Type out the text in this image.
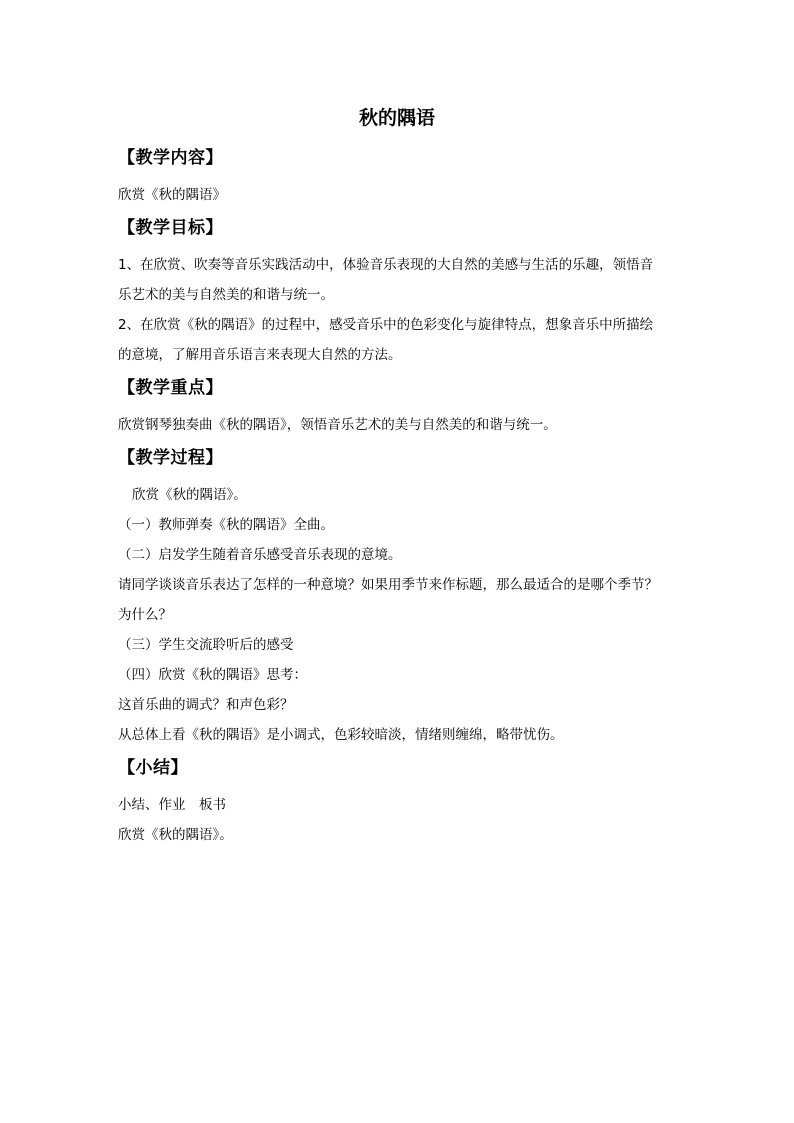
秋的隅语
【教学内容】
欣赏《秋的隅语》
【教学目标】
1、在欣赏、吹奏等音乐实践活动中，体验音乐表现的大自然的美感与生活的乐趣，领悟音
乐艺术的美与自然美的和谐与统一。
2、在欣赏《秋的隅语》的过程中，感受音乐中的色彩变化与旋律特点，想象音乐中所描绘
的意境，了解用音乐语言来表现大自然的方法。
【教学重点】
欣赏钢琴独奏曲《秋的隅语》，领悟音乐艺术的美与自然美的和谐与统一。
【教学过程】
欣赏《秋的隅语》。
（一）教师弹奏《秋的隅语》全曲。
（二）启发学生随着音乐感受音乐表现的意境。
请同学谈谈音乐表达了怎样的一种意境？如果用季节来作标题，那么最适合的是哪个季节？
为什么？
（三）学生交流聆听后的感受
（四）欣赏《秋的隅语》思考：
这首乐曲的调式？和声色彩？
从总体上看《秋的隅语》是小调式，色彩较暗淡，情绪则缠绵，略带忧伤。
【小结】
小结、作业　板书
欣赏《秋的隅语》。
